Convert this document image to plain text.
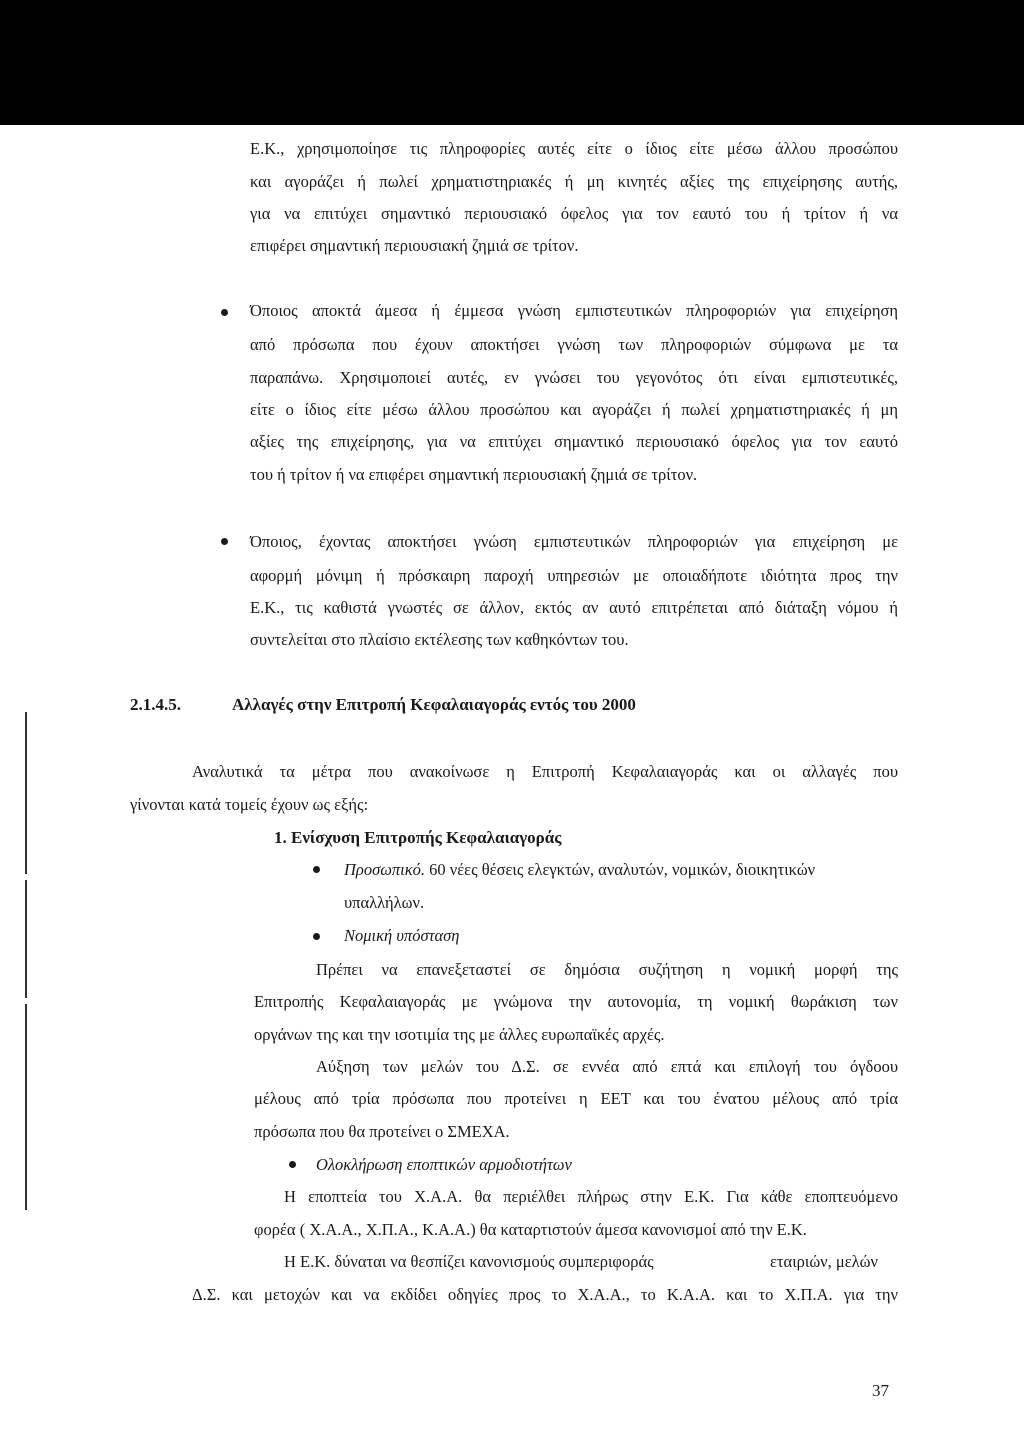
Ε.Κ., χρησιμοποίησε τις πληροφορίες αυτές είτε ο ίδιος είτε μέσω άλλου προσώπου
και αγοράζει ή πωλεί χρηματιστηριακές ή μη κινητές αξίες της επιχείρησης αυτής,
για να επιτύχει σημαντικό περιουσιακό όφελος για τον εαυτό του ή τρίτον ή να
επιφέρει σημαντική περιουσιακή ζημιά σε τρίτον.
Όποιος αποκτά άμεσα ή έμμεσα γνώση εμπιστευτικών πληροφοριών για επιχείρηση
από πρόσωπα που έχουν αποκτήσει γνώση των πληροφοριών σύμφωνα με τα
παραπάνω. Χρησιμοποιεί αυτές, εν γνώσει του γεγονότος ότι είναι εμπιστευτικές,
είτε ο ίδιος είτε μέσω άλλου προσώπου και αγοράζει ή πωλεί χρηματιστηριακές ή μη
αξίες της επιχείρησης, για να επιτύχει σημαντικό περιουσιακό όφελος για τον εαυτό
του ή τρίτον ή να επιφέρει σημαντική περιουσιακή ζημιά σε τρίτον.
Όποιος, έχοντας αποκτήσει γνώση εμπιστευτικών πληροφοριών για επιχείρηση με
αφορμή μόνιμη ή πρόσκαιρη παροχή υπηρεσιών με οποιαδήποτε ιδιότητα προς την
Ε.Κ., τις καθιστά γνωστές σε άλλον, εκτός αν αυτό επιτρέπεται από διάταξη νόμου ή
συντελείται στο πλαίσιο εκτέλεσης των καθηκόντων του.
2.1.4.5.	Αλλαγές στην Επιτροπή Κεφαλαιαγοράς εντός του 2000
Αναλυτικά τα μέτρα που ανακοίνωσε η Επιτροπή Κεφαλαιαγοράς και οι αλλαγές που
γίνονται κατά τομείς έχουν ως εξής:
1. Ενίσχυση Επιτροπής Κεφαλαιαγοράς
Προσωπικό. 60 νέες θέσεις ελεγκτών, αναλυτών, νομικών, διοικητικών
υπαλλήλων.
Νομική υπόσταση
Πρέπει να επανεξεταστεί σε δημόσια συζήτηση η νομική μορφή της
Επιτροπής Κεφαλαιαγοράς με γνώμονα την αυτονομία, τη νομική θωράκιση των
οργάνων της και την ισοτιμία της με άλλες ευρωπαϊκές αρχές.
Αύξηση των μελών του Δ.Σ. σε εννέα από επτά και επιλογή του όγδοου
μέλους από τρία πρόσωπα που προτείνει η ΕΕΤ και του ένατου μέλους από τρία
πρόσωπα που θα προτείνει ο ΣΜΕΧΑ.
Ολοκλήρωση εποπτικών αρμοδιοτήτων
Η εποπτεία του Χ.Α.Α. θα περιέλθει πλήρως στην Ε.Κ. Για κάθε εποπτευόμενο
φορέα ( Χ.Α.Α., Χ.Π.Α., Κ.Α.Α.) θα καταρτιστούν άμεσα κανονισμοί από την Ε.Κ.
Η Ε.Κ. δύναται να θεσπίζει κανονισμούς συμπεριφοράς	εταιριών, μελών
Δ.Σ. και μετοχών και να εκδίδει οδηγίες προς το Χ.Α.Α., το Κ.Α.Α. και το Χ.Π.Α. για την
37
